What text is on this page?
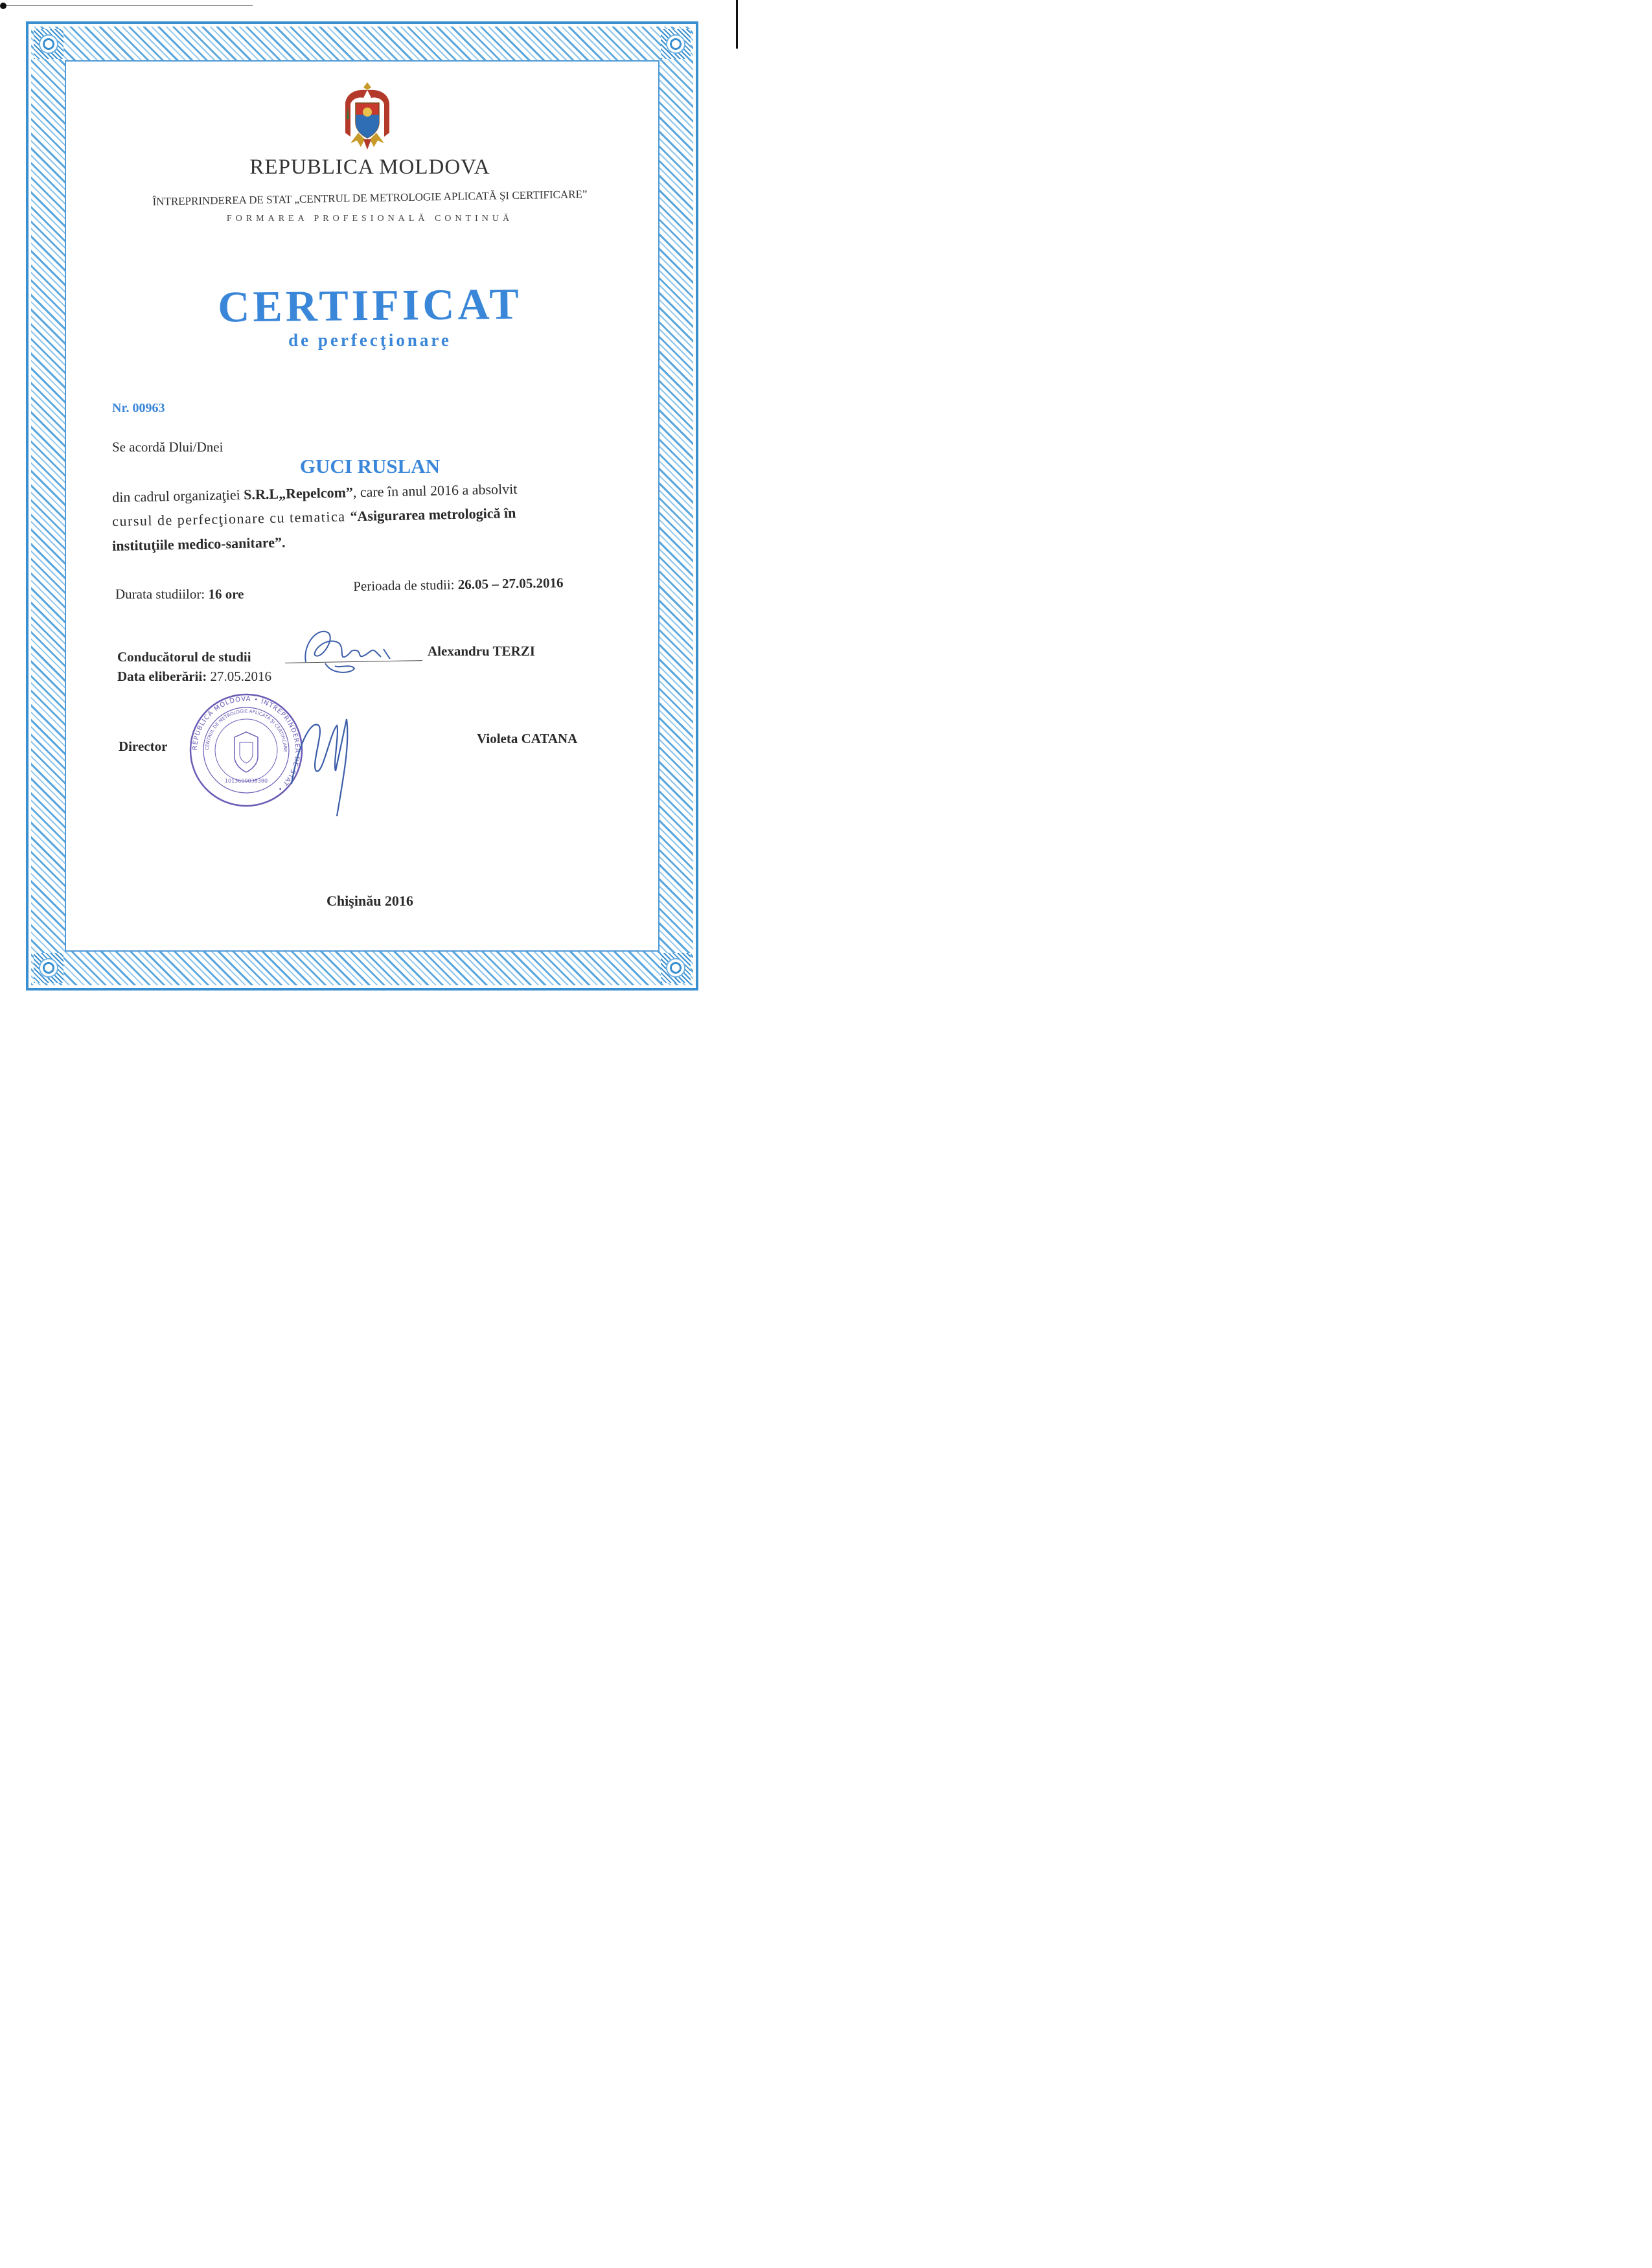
REPUBLICA MOLDOVA
ÎNTREPRINDEREA DE STAT „CENTRUL DE METROLOGIE APLICATĂ ŞI CERTIFICARE”
FORMAREA PROFESIONALĂ CONTINUĂ
CERTIFICAT
de perfecţionare
Nr. 00963
Se acordă Dlui/Dnei
GUCI RUSLAN
din cadrul organizaţiei S.R.L„Repelcom”, care în anul 2016 a absolvit
cursul de perfecţionare cu tematica “Asigurarea metrologică în
instituţiile medico-sanitare”.
Durata studiilor: 16 ore
Perioada de studii: 26.05 – 27.05.2016
Conducătorul de studii	Alexandru TERZI
Data eliberării: 27.05.2016
Director	Violeta CATANA
REPUBLICA MOLDOVA • ÎNTREPRINDEREA DE STAT •
CENTRUL DE METROLOGIE APLICATĂ ŞI CERTIFICARE
1013600038380
Chişinău 2016
